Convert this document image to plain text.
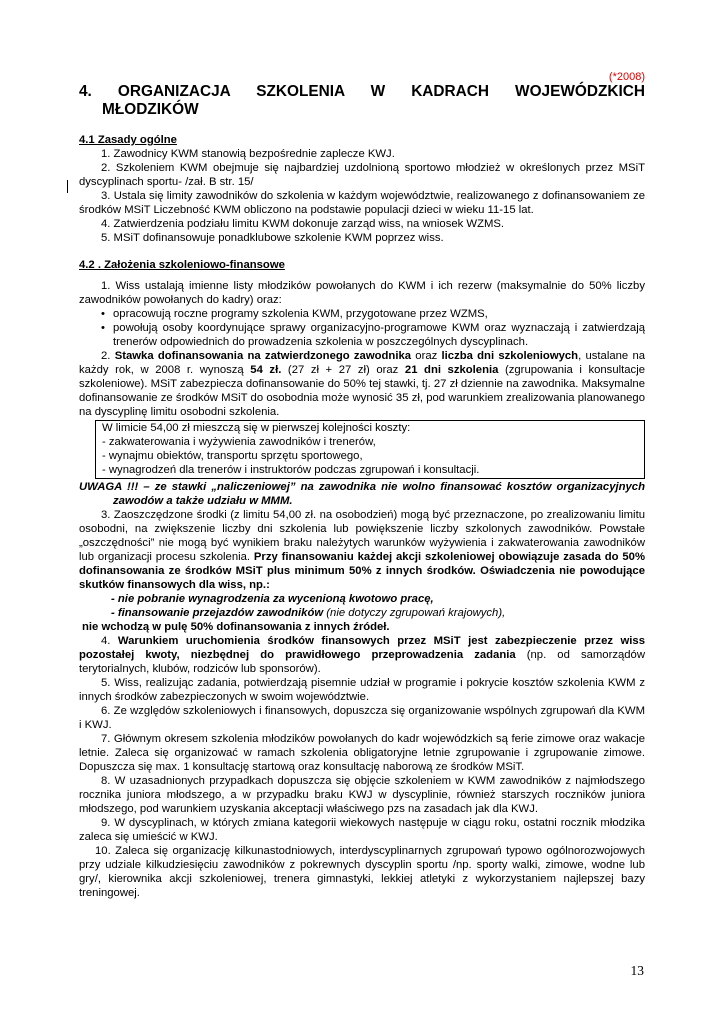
(*2008)
4. ORGANIZACJA SZKOLENIA W KADRACH WOJEWÓDZKICH
MŁODZIKÓW
4.1 Zasady ogólne

1. Zawodnicy KWM stanowią bezpośrednie zaplecze KWJ.

2. Szkoleniem KWM obejmuje się najbardziej uzdolnioną sportowo młodzież w określonych przez MSiT dyscyplinach sportu- /zał. B str. 15/

3. Ustala się limity zawodników do szkolenia w każdym województwie, realizowanego z dofinansowaniem ze środków MSiT Liczebność KWM obliczono na podstawie populacji dzieci w wieku 11-15 lat.

4. Zatwierdzenia podziału limitu KWM dokonuje zarząd wiss, na wniosek WZMS.

5. MSiT dofinansowuje ponadklubowe szkolenie KWM poprzez wiss.

4.2 . Założenia szkoleniowo-finansowe

1. Wiss ustalają imienne listy młodzików powołanych do KWM i ich rezerw (maksymalnie do 50% liczby zawodników powołanych do kadry) oraz:

• opracowują roczne programy szkolenia KWM, przygotowane przez WZMS,

• powołują osoby koordynujące sprawy organizacyjno-programowe KWM oraz wyznaczają i zatwierdzają trenerów odpowiednich do prowadzenia szkolenia w poszczególnych dyscyplinach.

2. Stawka dofinansowania na zatwierdzonego zawodnika oraz liczba dni szkoleniowych, ustalane na każdy rok, w 2008 r. wynoszą 54 zł. (27 zł + 27 zł) oraz 21 dni szkolenia (zgrupowania i konsultacje szkoleniowe). MSiT zabezpiecza dofinansowanie do 50% tej stawki, tj. 27 zł dziennie na zawodnika. Maksymalne dofinansowanie ze środków MSiT do osobodnia może wynosić 35 zł, pod warunkiem zrealizowania planowanego na dyscyplinę limitu osobodni szkolenia.

W limicie 54,00 zł mieszczą się w pierwszej kolejności koszty:
- zakwaterowania i wyżywienia zawodników i trenerów,
- wynajmu obiektów, transportu sprzętu sportowego,
- wynagrodzeń dla trenerów i instruktorów podczas zgrupowań i konsultacji.

UWAGA !!! – ze stawki „naliczeniowej” na zawodnika nie wolno finansować kosztów organizacyjnych zawodów a także udziału w MMM.

3. Zaoszczędzone środki (z limitu 54,00 zł. na osobodzień) mogą być przeznaczone, po zrealizowaniu limitu osobodni, na zwiększenie liczby dni szkolenia lub powiększenie liczby szkolonych zawodników. Powstałe „oszczędności” nie mogą być wynikiem braku należytych warunków wyżywienia i zakwaterowania zawodników lub organizacji procesu szkolenia. Przy finansowaniu każdej akcji szkoleniowej obowiązuje zasada do 50% dofinansowania ze środków MSiT plus minimum 50% z innych środków. Oświadczenia nie powodujące skutków finansowych dla wiss, np.:

- nie pobranie wynagrodzenia za wycenioną kwotowo pracę,

- finansowanie przejazdów zawodników (nie dotyczy zgrupowań krajowych),

nie wchodzą w pulę 50% dofinansowania z innych źródeł.

4. Warunkiem uruchomienia środków finansowych przez MSiT jest zabezpieczenie przez wiss pozostałej kwoty, niezbędnej do prawidłowego przeprowadzenia zadania (np. od samorządów terytorialnych, klubów, rodziców lub sponsorów).

5. Wiss, realizując zadania, potwierdzają pisemnie udział w programie i pokrycie kosztów szkolenia KWM z innych środków zabezpieczonych w swoim województwie.

6. Ze względów szkoleniowych i finansowych, dopuszcza się organizowanie wspólnych zgrupowań dla KWM i KWJ.

7. Głównym okresem szkolenia młodzików powołanych do kadr wojewódzkich są ferie zimowe oraz wakacje letnie. Zaleca się organizować w ramach szkolenia obligatoryjne letnie zgrupowanie i zgrupowanie zimowe. Dopuszcza się max. 1 konsultację startową oraz konsultację naborową ze środków MSiT.

8. W uzasadnionych przypadkach dopuszcza się objęcie szkoleniem w KWM zawodników z najmłodszego rocznika juniora młodszego, a w przypadku braku KWJ w dyscyplinie, również starszych roczników juniora młodszego, pod warunkiem uzyskania akceptacji właściwego pzs na zasadach jak dla KWJ.

9. W dyscyplinach, w których zmiana kategorii wiekowych następuje w ciągu roku, ostatni rocznik młodzika zaleca się umieścić w KWJ.

10. Zaleca się organizację kilkunastodniowych, interdyscyplinarnych zgrupowań typowo ogólnorozwojowych przy udziale kilkudziesięciu zawodników z pokrewnych dyscyplin sportu /np. sporty walki, zimowe, wodne lub gry/, kierownika akcji szkoleniowej, trenera gimnastyki, lekkiej atletyki z wykorzystaniem najlepszej bazy treningowej.

13
